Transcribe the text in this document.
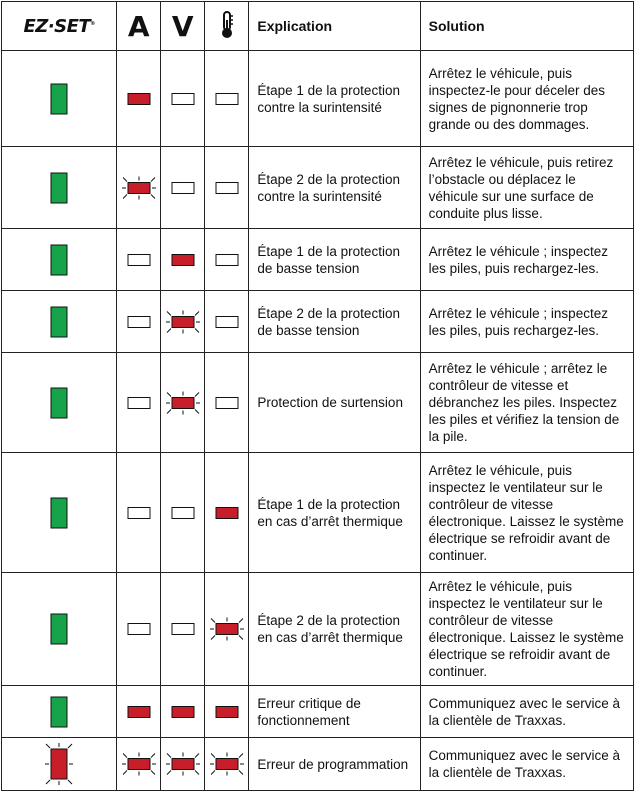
EZ·SET®	A	V		Explication	Solution

	Étape 1 de la protection contre la surintensité	Arrêtez le véhicule, puis inspectez-le pour déceler des signes de pignonnerie trop grande ou des dommages.

	Étape 2 de la protection contre la surintensité	Arrêtez le véhicule, puis retirez l’obstacle ou déplacez le véhicule sur une surface de conduite plus lisse.

	Étape 1 de la protection de basse tension	Arrêtez le véhicule ; inspectez les piles, puis rechargez-les.

	Étape 2 de la protection de basse tension	Arrêtez le véhicule ; inspectez les piles, puis rechargez-les.

	Protection de surtension	Arrêtez le véhicule ; arrêtez le contrôleur de vitesse et débranchez les piles. Inspectez les piles et vérifiez la tension de la pile.

	Étape 1 de la protection en cas d’arrêt thermique	Arrêtez le véhicule, puis inspectez le ventilateur sur le contrôleur de vitesse électronique. Laissez le système électrique se refroidir avant de continuer.

	Étape 2 de la protection en cas d’arrêt thermique	Arrêtez le véhicule, puis inspectez le ventilateur sur le contrôleur de vitesse électronique. Laissez le système électrique se refroidir avant de continuer.

	Erreur critique de fonctionnement	Communiquez avec le service à la clientèle de Traxxas.

	Erreur de programmation	Communiquez avec le service à la clientèle de Traxxas.
